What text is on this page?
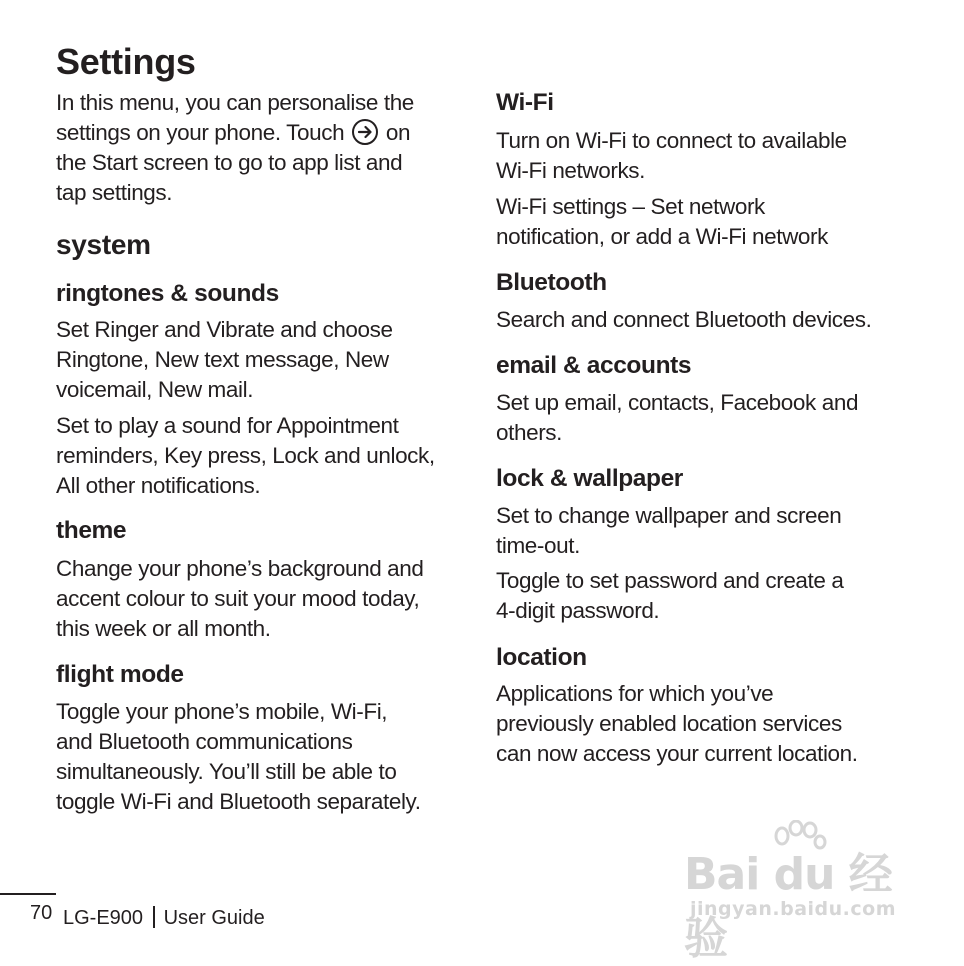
Settings

In this menu, you can personalise the

settings on your phone. Touch on

the Start screen to go to app list and

tap settings.

system
ringtones & sounds

Set Ringer and Vibrate and choose

Ringtone, New text message, New

voicemail, New mail.

Set to play a sound for Appointment

reminders, Key press, Lock and unlock,

All other notifications.

theme

Change your phone’s background and

accent colour to suit your mood today,

this week or all month.

flight mode

Toggle your phone’s mobile, Wi-Fi,

and Bluetooth communications

simultaneously. You’ll still be able to

toggle Wi-Fi and Bluetooth separately.

Wi-Fi

Turn on Wi-Fi to connect to available

Wi-Fi networks.

Wi-Fi settings – Set network

notification, or add a Wi-Fi network

Bluetooth

Search and connect Bluetooth devices.

email & accounts

Set up email, contacts, Facebook and

others.

lock & wallpaper

Set to change wallpaper and screen

time-out.

Toggle to set password and create a

4-digit password.

location

Applications for which you’ve

previously enabled location services

can now access your current location.

70 LG-E900 User Guide
Bai du 经验
jingyan.baidu.com
